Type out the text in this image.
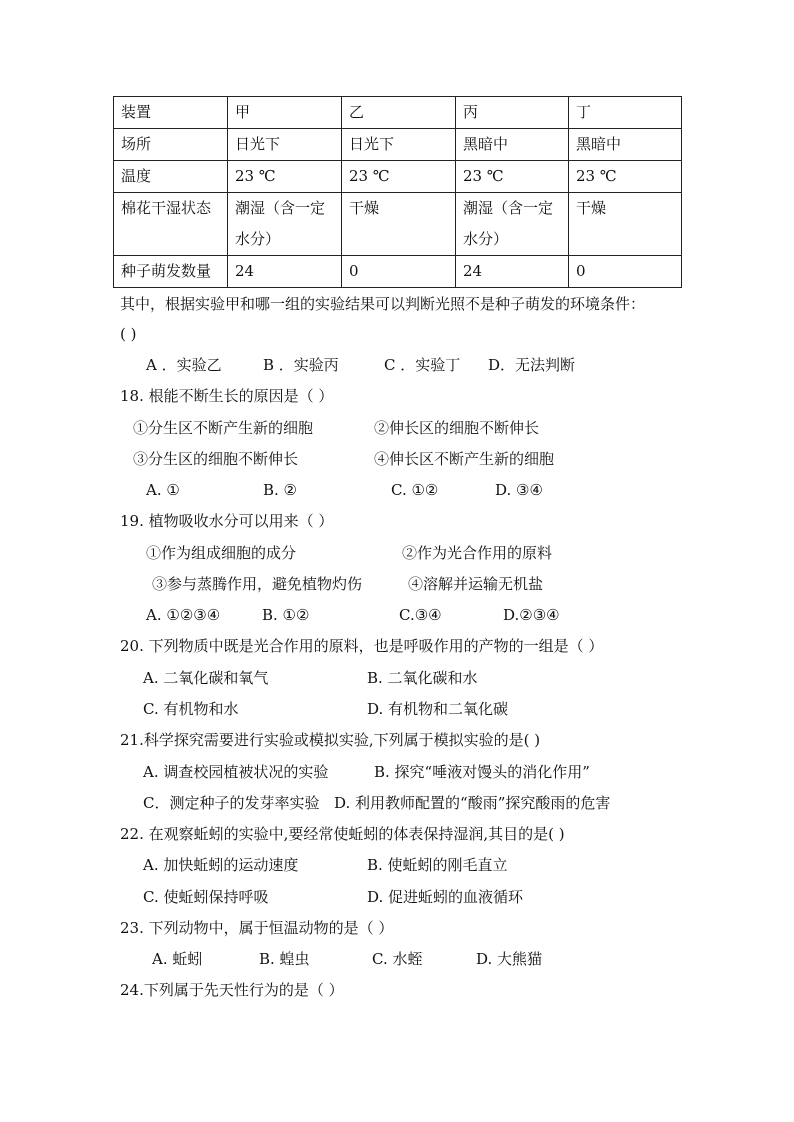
装置	甲	乙	丙	丁
场所	日光下	日光下	黑暗中	黑暗中
温度	23 ℃	23 ℃	23 ℃	23 ℃
棉花干湿状态	潮湿（含一定水分）	干燥	潮湿（含一定水分）	干燥
种子萌发数量	24	0	24	0
其中，根据实验甲和哪一组的实验结果可以判断光照不是种子萌发的环境条件：
( )
A ．实验乙	B ．实验丙	C ．实验丁 D．无法判断
18. 根能不断生长的原因是（ ）
①分生区不断产生新的细胞	②伸长区的细胞不断伸长
③分生区的细胞不断伸长	④伸长区不断产生新的细胞
A. ①	B. ②	C. ①②	D. ③④
19. 植物吸收水分可以用来（ ）
①作为组成细胞的成分	②作为光合作用的原料
③参与蒸腾作用，避免植物灼伤	④溶解并运输无机盐
A. ①②③④	B. ①②	C.③④	D.②③④
20. 下列物质中既是光合作用的原料，也是呼吸作用的产物的一组是（ ）
A. 二氧化碳和氧气	B. 二氧化碳和水
C. 有机物和水	D. 有机物和二氧化碳
21.科学探究需要进行实验或模拟实验,下列属于模拟实验的是( )
A. 调查校园植被状况的实验	B. 探究“唾液对馒头的消化作用”
C．测定种子的发芽率实验 D. 利用教师配置的“酸雨”探究酸雨的危害
22. 在观察蚯蚓的实验中,要经常使蚯蚓的体表保持湿润,其目的是( )
A. 加快蚯蚓的运动速度	B. 使蚯蚓的刚毛直立
C. 使蚯蚓保持呼吸	D. 促进蚯蚓的血液循环
23. 下列动物中，属于恒温动物的是（ ）
A. 蚯蚓	B. 蝗虫	C. 水蛭	D. 大熊猫
24.下列属于先天性行为的是（ ）
